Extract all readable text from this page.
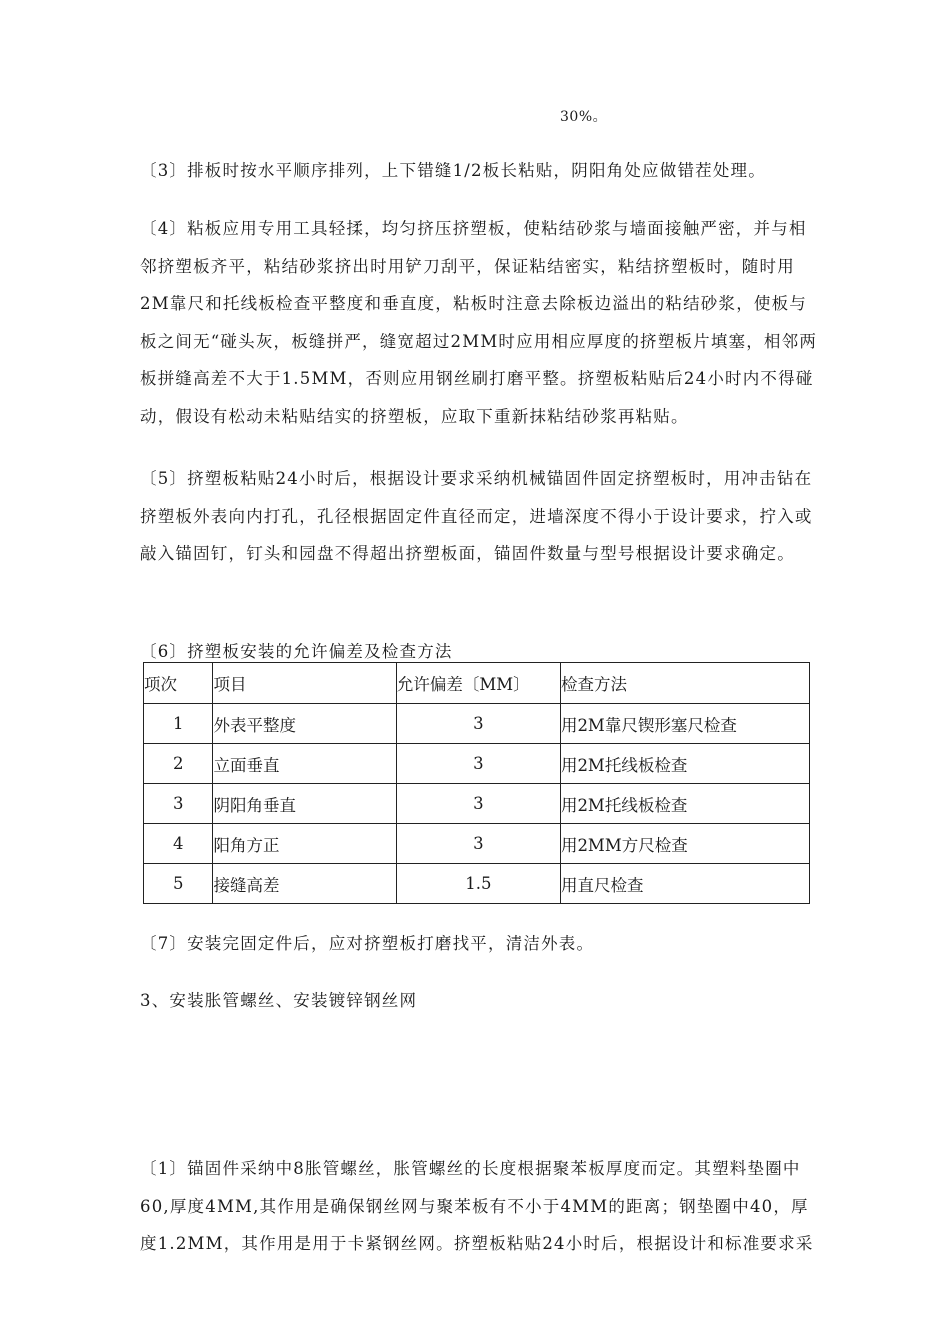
30%。

〔3〕排板时按水平顺序排列，上下错缝1/2板长粘贴，阴阳角处应做错茬处理。

〔4〕粘板应用专用工具轻揉，均匀挤压挤塑板，使粘结砂浆与墙面接触严密，并与相邻挤塑板齐平，粘结砂浆挤出时用铲刀刮平，保证粘结密实，粘结挤塑板时，随时用2M靠尺和托线板检查平整度和垂直度，粘板时注意去除板边溢出的粘结砂浆，使板与板之间无“碰头灰，板缝拼严，缝宽超过2MM时应用相应厚度的挤塑板片填塞，相邻两板拼缝高差不大于1.5MM，否则应用钢丝刷打磨平整。挤塑板粘贴后24小时内不得碰动，假设有松动未粘贴结实的挤塑板，应取下重新抹粘结砂浆再粘贴。

〔5〕挤塑板粘贴24小时后，根据设计要求采纳机械锚固件固定挤塑板时，用冲击钻在挤塑板外表向内打孔，孔径根据固定件直径而定，进墙深度不得小于设计要求，拧入或敲入锚固钉，钉头和园盘不得超出挤塑板面，锚固件数量与型号根据设计要求确定。

〔6〕挤塑板安装的允许偏差及检查方法
项次	项目	允许偏差〔MM〕	检查方法
1	外表平整度	3	用2M靠尺锲形塞尺检查
2	立面垂直	3	用2M托线板检查
3	阴阳角垂直	3	用2M托线板检查
4	阳角方正	3	用2MM方尺检查
5	接缝高差	1.5	用直尺检查

〔7〕安装完固定件后，应对挤塑板打磨找平，清洁外表。

3、安装胀管螺丝、安装镀锌钢丝网

〔1〕锚固件采纳中8胀管螺丝，胀管螺丝的长度根据聚苯板厚度而定。其塑料垫圈中60,厚度4MM,其作用是确保钢丝网与聚苯板有不小于4MM的距离；钢垫圈中40，厚度1.2MM，其作用是用于卡紧钢丝网。挤塑板粘贴24小时后，根据设计和标准要求采
